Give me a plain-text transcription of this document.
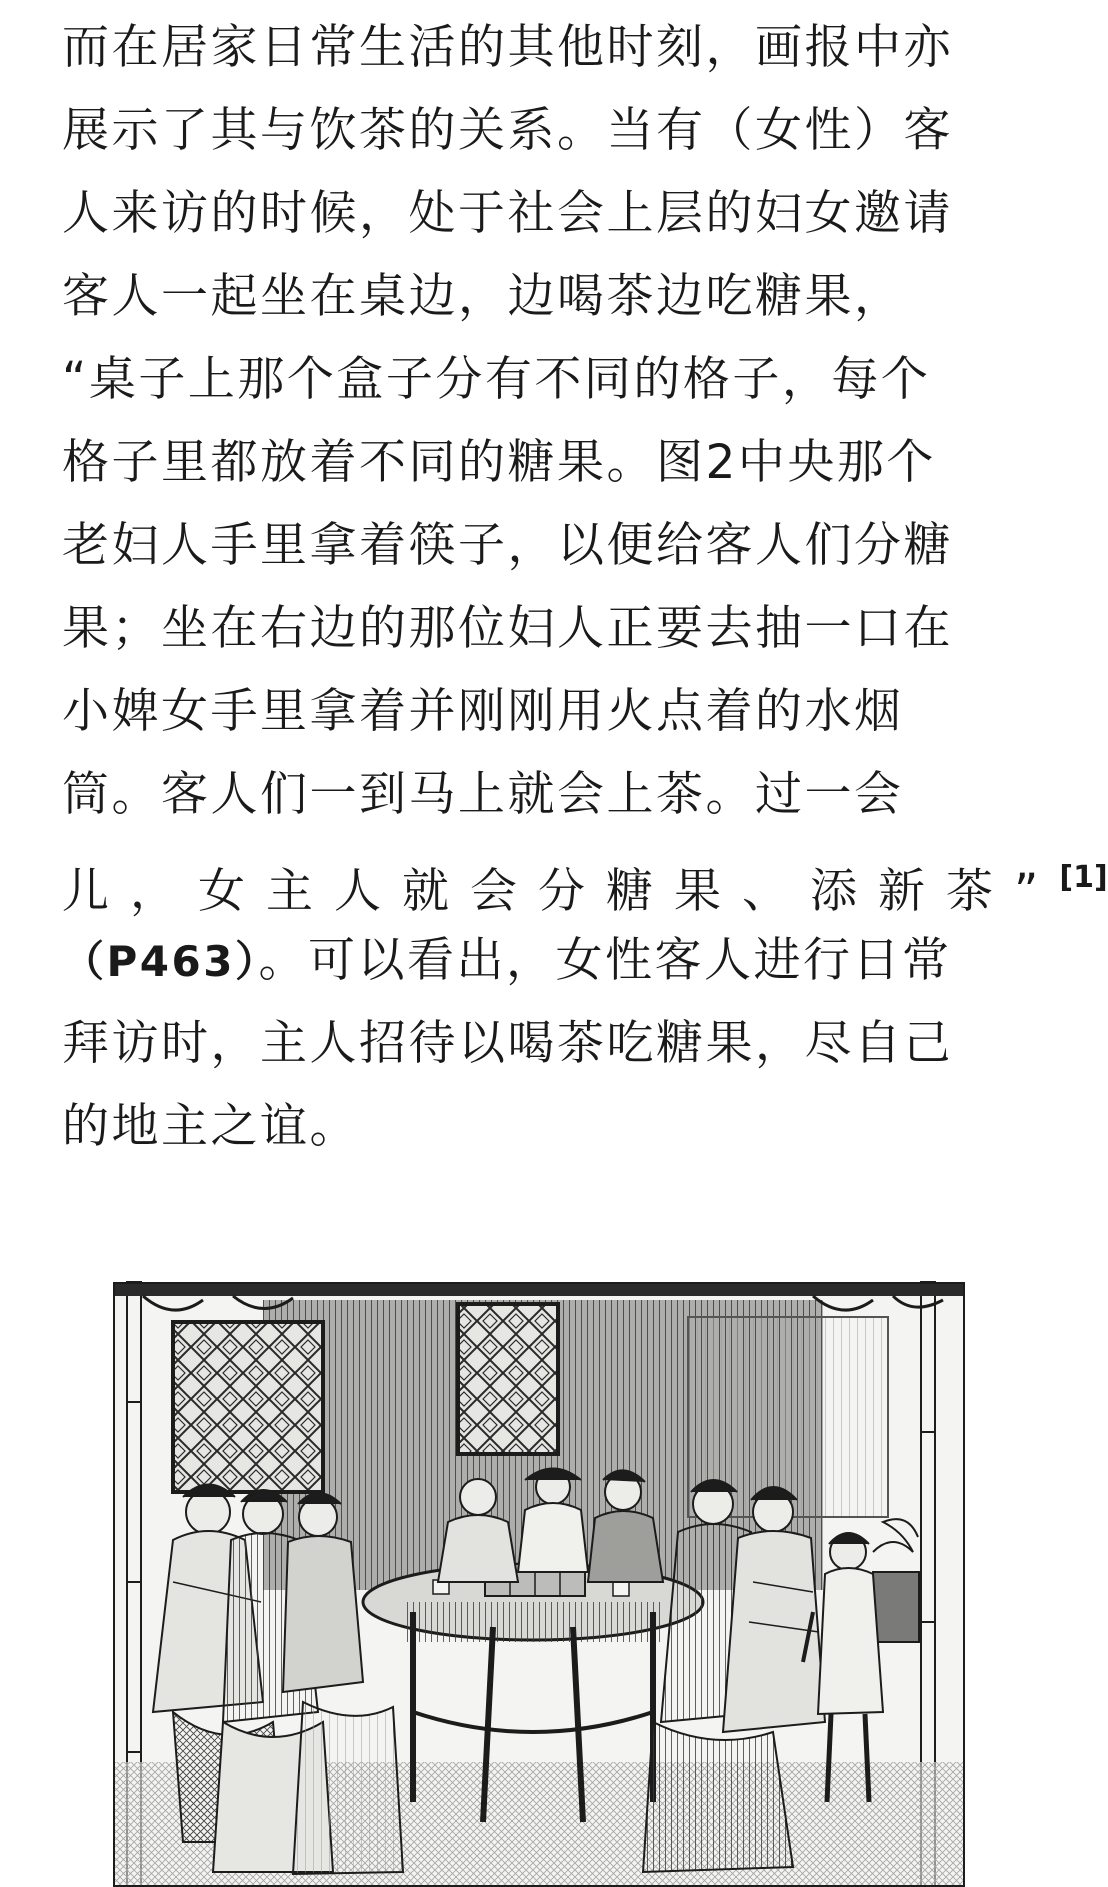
而在居家日常生活的其他时刻，画报中亦
展示了其与饮茶的关系。当有（女性）客
人来访的时候，处于社会上层的妇女邀请
客人一起坐在桌边，边喝茶边吃糖果，
“桌子上那个盒子分有不同的格子，每个
格子里都放着不同的糖果。图2中央那个
老妇人手里拿着筷子，以便给客人们分糖
果；坐在右边的那位妇人正要去抽一口在
小婢女手里拿着并刚刚用火点着的水烟
筒。客人们一到马上就会上茶。过一会
儿，女主人就会分糖果、添新茶”[1]
（P463）。可以看出，女性客人进行日常
拜访时，主人招待以喝茶吃糖果，尽自己
的地主之谊。
